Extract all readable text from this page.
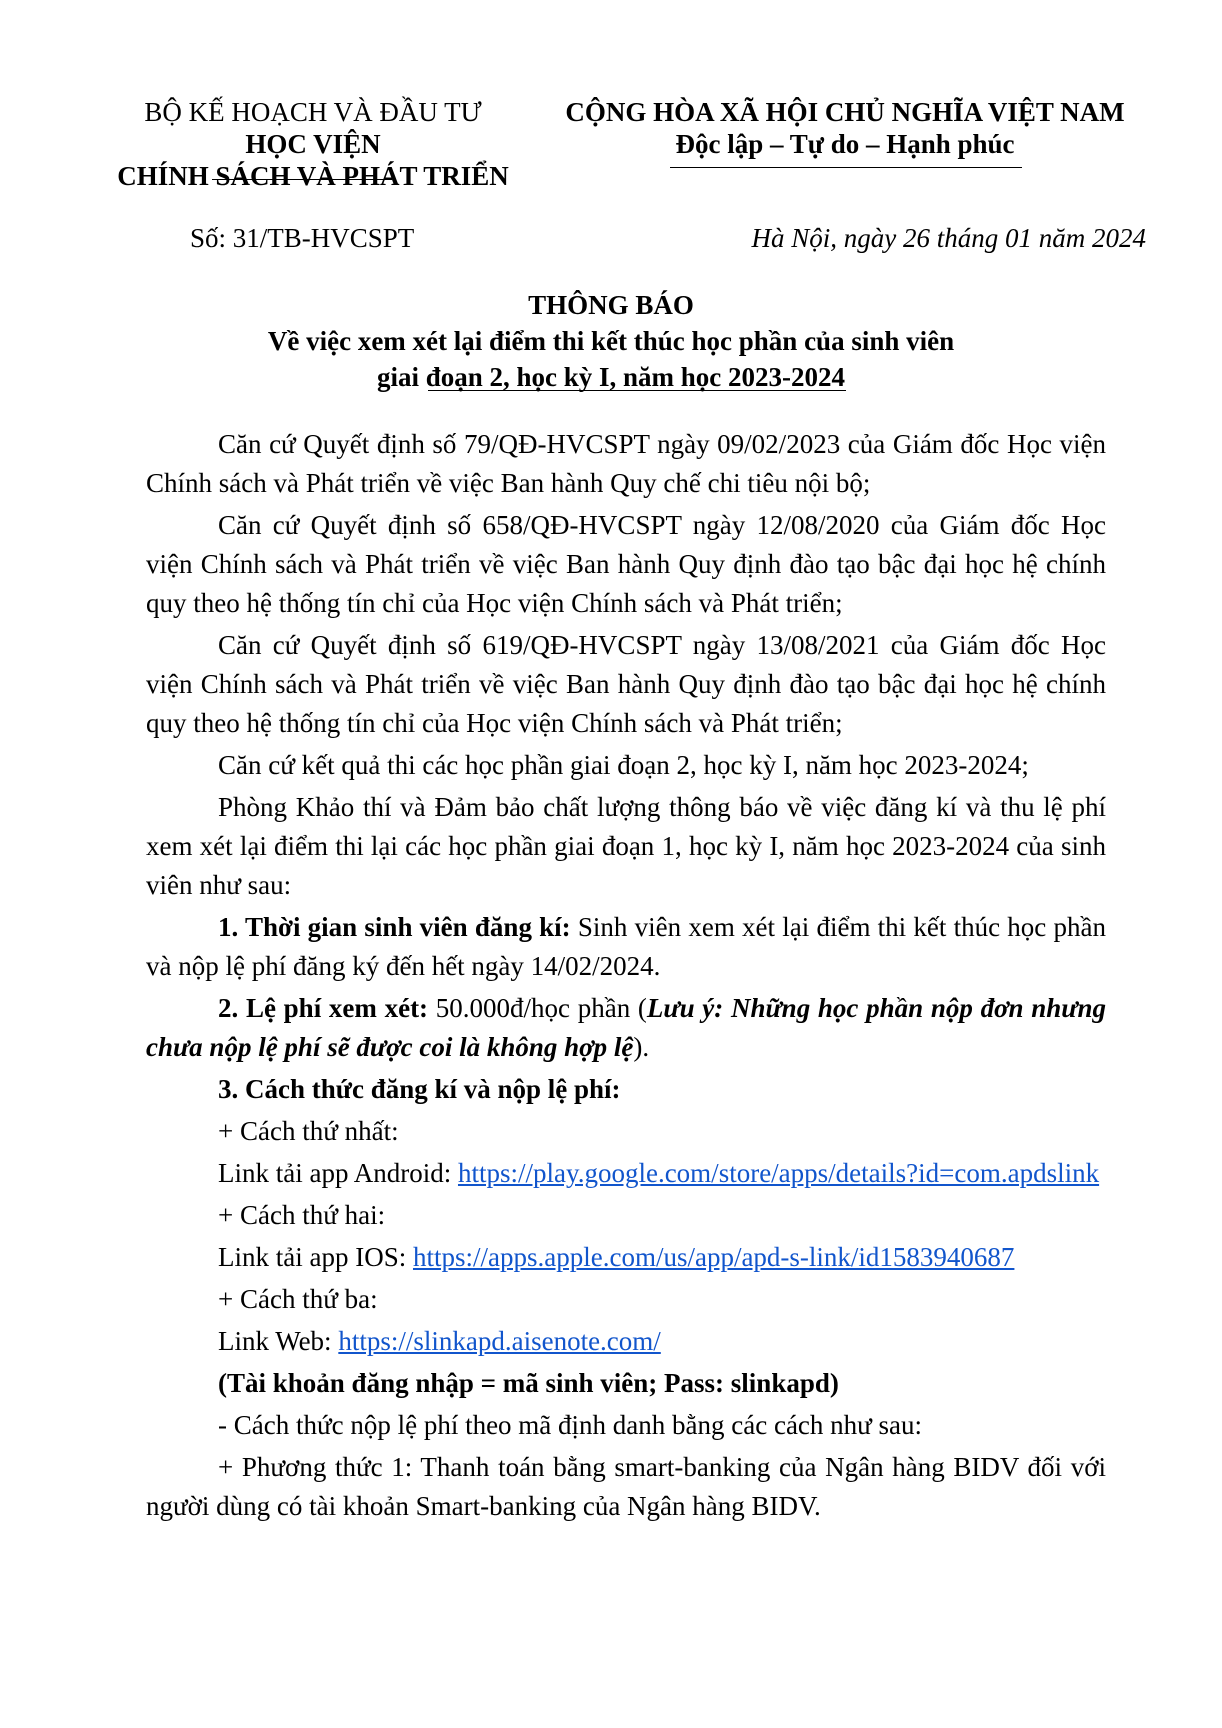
BỘ KẾ HOẠCH VÀ ĐẦU TƯ
HỌC VIỆN
CHÍNH SÁCH VÀ PHÁT TRIỂN
CỘNG HÒA XÃ HỘI CHỦ NGHĨA VIỆT NAM
Độc lập – Tự do – Hạnh phúc
Số: 31/TB-HVCSPT	Hà Nội, ngày 26 tháng 01 năm 2024
THÔNG BÁO
Về việc xem xét lại điểm thi kết thúc học phần của sinh viên
giai đoạn 2, học kỳ I, năm học 2023-2024

Căn cứ Quyết định số 79/QĐ-HVCSPT ngày 09/02/2023 của Giám đốc Học viện Chính sách và Phát triển về việc Ban hành Quy chế chi tiêu nội bộ;

Căn cứ Quyết định số 658/QĐ-HVCSPT ngày 12/08/2020 của Giám đốc Học viện Chính sách và Phát triển về việc Ban hành Quy định đào tạo bậc đại học hệ chính quy theo hệ thống tín chỉ của Học viện Chính sách và Phát triển;

Căn cứ Quyết định số 619/QĐ-HVCSPT ngày 13/08/2021 của Giám đốc Học viện Chính sách và Phát triển về việc Ban hành Quy định đào tạo bậc đại học hệ chính quy theo hệ thống tín chỉ của Học viện Chính sách và Phát triển;

Căn cứ kết quả thi các học phần giai đoạn 2, học kỳ I, năm học 2023-2024;

Phòng Khảo thí và Đảm bảo chất lượng thông báo về việc đăng kí và thu lệ phí xem xét lại điểm thi lại các học phần giai đoạn 1, học kỳ I, năm học 2023-2024 của sinh viên như sau:

1. Thời gian sinh viên đăng kí: Sinh viên xem xét lại điểm thi kết thúc học phần và nộp lệ phí đăng ký đến hết ngày 14/02/2024.

2. Lệ phí xem xét: 50.000đ/học phần (Lưu ý: Những học phần nộp đơn nhưng chưa nộp lệ phí sẽ được coi là không hợp lệ).

3. Cách thức đăng kí và nộp lệ phí:

+ Cách thứ nhất:

Link tải app Android: https://play.google.com/store/apps/details?id=com.apdslink

+ Cách thứ hai:

Link tải app IOS: https://apps.apple.com/us/app/apd-s-link/id1583940687

+ Cách thứ ba:

Link Web: https://slinkapd.aisenote.com/

(Tài khoản đăng nhập = mã sinh viên; Pass: slinkapd)

- Cách thức nộp lệ phí theo mã định danh bằng các cách như sau:

+ Phương thức 1: Thanh toán bằng smart-banking của Ngân hàng BIDV đối với người dùng có tài khoản Smart-banking của Ngân hàng BIDV.
